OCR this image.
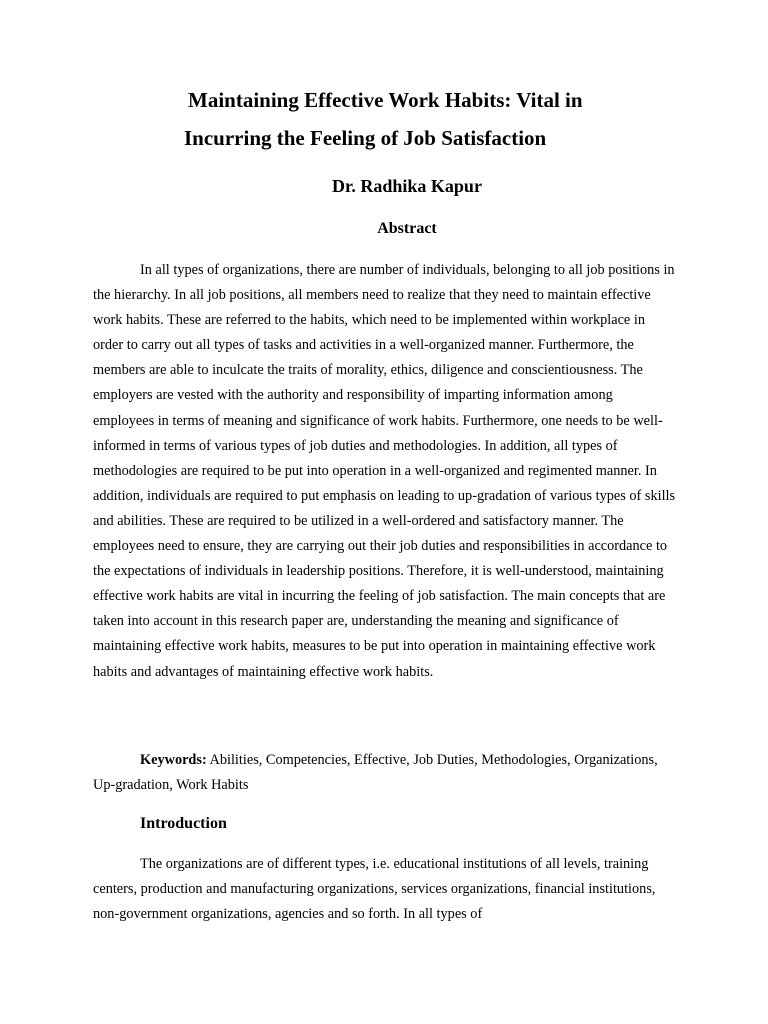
Maintaining Effective Work Habits: Vital in
Incurring the Feeling of Job Satisfaction

Dr. Radhika Kapur

Abstract

In all types of organizations, there are number of individuals, belonging to all job positions in the hierarchy. In all job positions, all members need to realize that they need to maintain effective work habits. These are referred to the habits, which need to be implemented within workplace in order to carry out all types of tasks and activities in a well-organized manner. Furthermore, the members are able to inculcate the traits of morality, ethics, diligence and conscientiousness. The employers are vested with the authority and responsibility of imparting information among employees in terms of meaning and significance of work habits. Furthermore, one needs to be well-informed in terms of various types of job duties and methodologies. In addition, all types of methodologies are required to be put into operation in a well-organized and regimented manner. In addition, individuals are required to put emphasis on leading to up-gradation of various types of skills and abilities. These are required to be utilized in a well-ordered and satisfactory manner. The employees need to ensure, they are carrying out their job duties and responsibilities in accordance to the expectations of individuals in leadership positions. Therefore, it is well-understood, maintaining effective work habits are vital in incurring the feeling of job satisfaction. The main concepts that are taken into account in this research paper are, understanding the meaning and significance of maintaining effective work habits, measures to be put into operation in maintaining effective work habits and advantages of maintaining effective work habits.

Keywords: Abilities, Competencies, Effective, Job Duties, Methodologies, Organizations, Up-gradation, Work Habits

Introduction

The organizations are of different types, i.e. educational institutions of all levels, training centers, production and manufacturing organizations, services organizations, financial institutions, non-government organizations, agencies and so forth. In all types of
